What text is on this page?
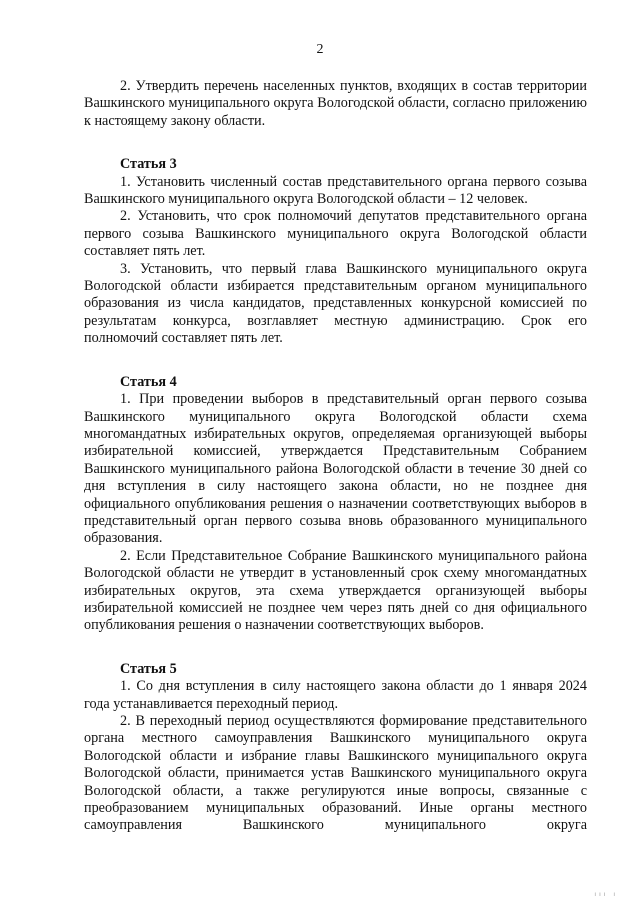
2

2. Утвердить перечень населенных пунктов, входящих в состав территории Вашкинского муниципального округа Вологодской области, согласно приложению к настоящему закону области.

Статья 3

1. Установить численный состав представительного органа первого созыва Вашкинского муниципального округа Вологодской области – 12 человек.

2. Установить, что срок полномочий депутатов представительного органа первого созыва Вашкинского муниципального округа Вологодской области составляет пять лет.

3. Установить, что первый глава Вашкинского муниципального округа Вологодской области избирается представительным органом муниципального образования из числа кандидатов, представленных конкурсной комиссией по результатам конкурса, возглавляет местную администрацию. Срок его полномочий составляет пять лет.

Статья 4

1. При проведении выборов в представительный орган первого созыва Вашкинского муниципального округа Вологодской области схема многомандатных избирательных округов, определяемая организующей выборы избирательной комиссией, утверждается Представительным Собранием Вашкинского муниципального района Вологодской области в течение 30 дней со дня вступления в силу настоящего закона области, но не позднее дня официального опубликования решения о назначении соответствующих выборов в представительный орган первого созыва вновь образованного муниципального образования.

2. Если Представительное Собрание Вашкинского муниципального района Вологодской области не утвердит в установленный срок схему многомандатных избирательных округов, эта схема утверждается организующей выборы избирательной комиссией не позднее чем через пять дней со дня официального опубликования решения о назначении соответствующих выборов.

Статья 5

1. Со дня вступления в силу настоящего закона области до 1 января 2024 года устанавливается переходный период.

2. В переходный период осуществляются формирование представительного органа местного самоуправления Вашкинского муниципального округа Вологодской области и избрание главы Вашкинского муниципального округа Вологодской области, принимается устав Вашкинского муниципального округа Вологодской области, а также регулируются иные вопросы, связанные с преобразованием муниципальных образований. Иные органы местного самоуправления Вашкинского муниципального округа

ııı ı
